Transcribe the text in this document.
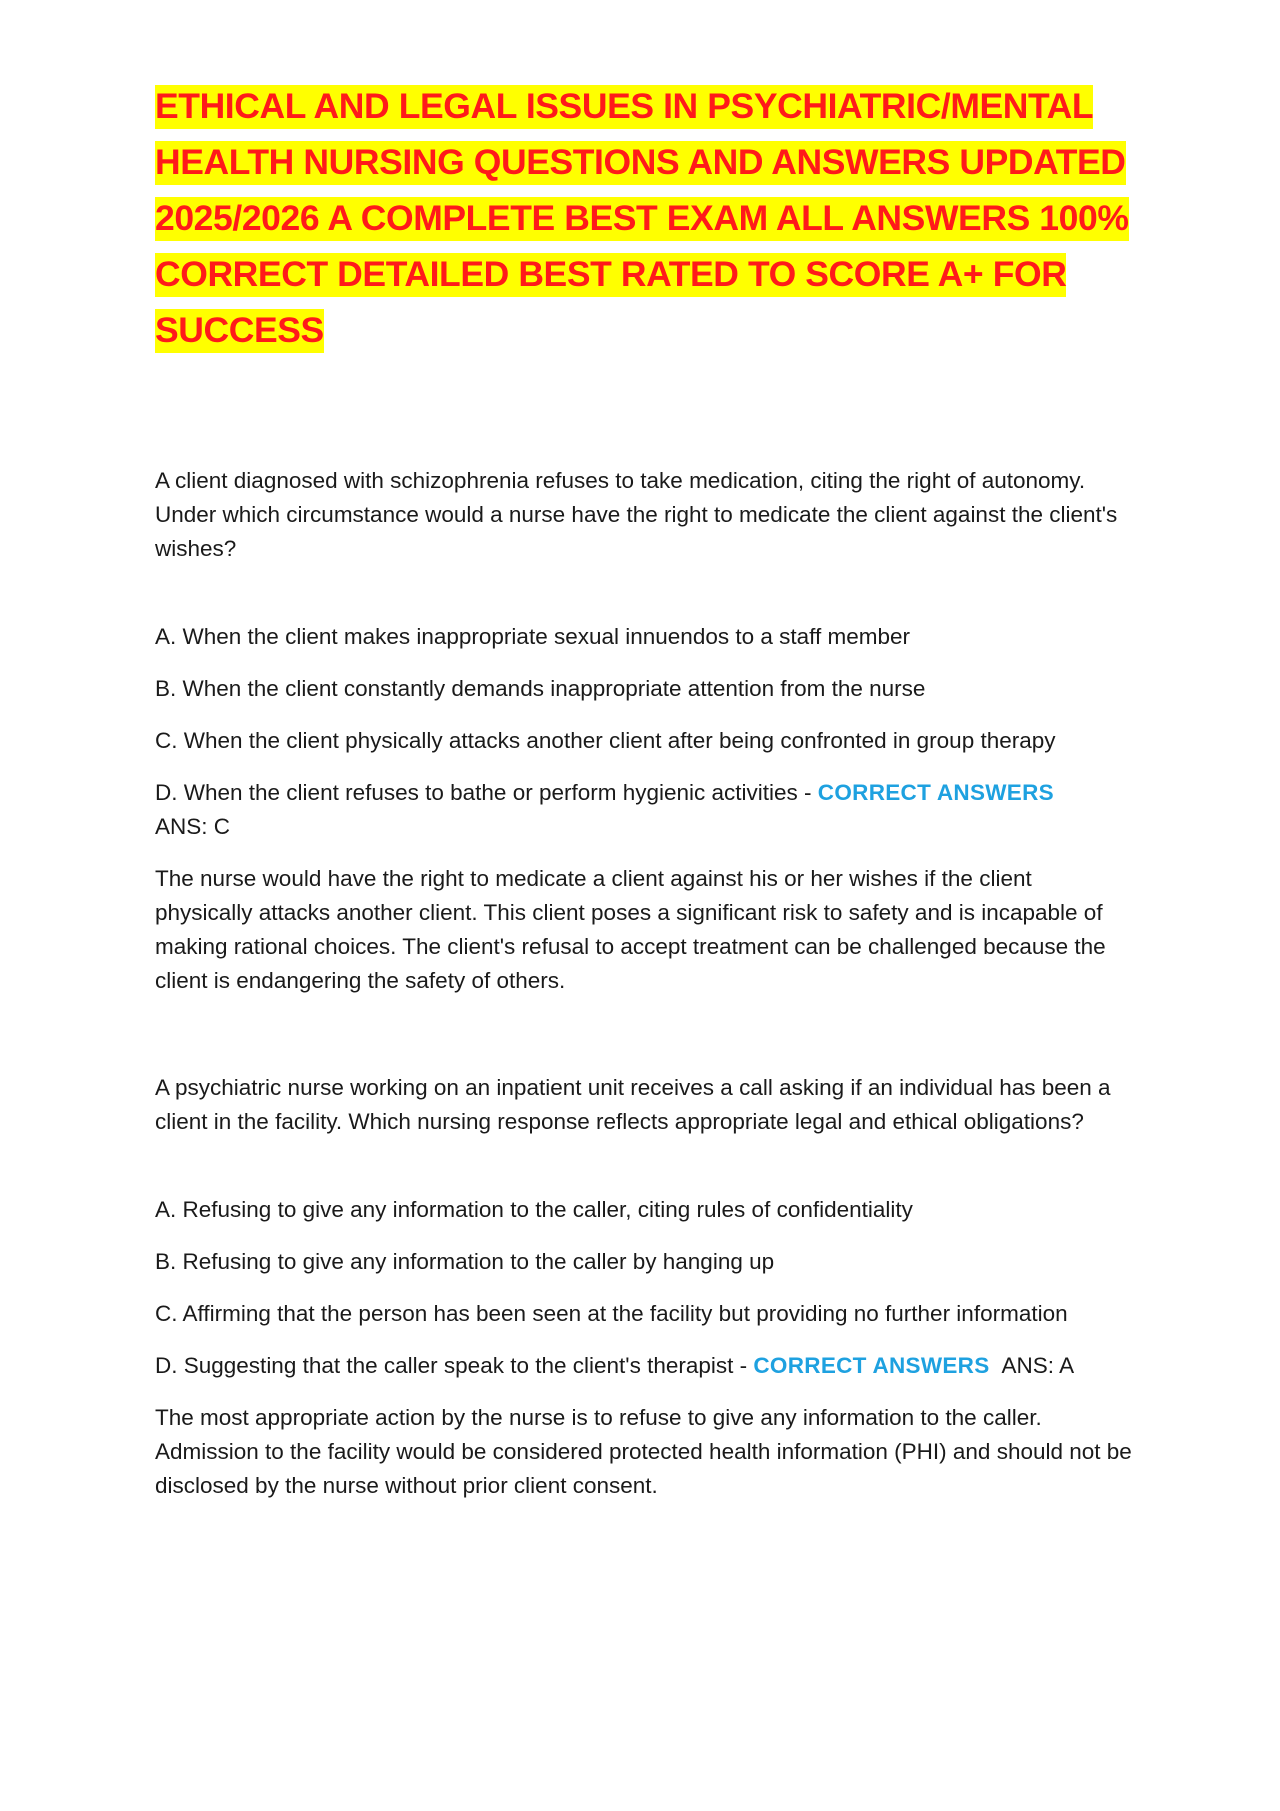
ETHICAL AND LEGAL ISSUES IN PSYCHIATRIC/MENTAL HEALTH NURSING QUESTIONS AND ANSWERS UPDATED 2025/2026 A COMPLETE BEST EXAM ALL ANSWERS 100% CORRECT DETAILED BEST RATED TO SCORE A+ FOR SUCCESS

A client diagnosed with schizophrenia refuses to take medication, citing the right of autonomy. Under which circumstance would a nurse have the right to medicate the client against the client's wishes?

A. When the client makes inappropriate sexual innuendos to a staff member

B. When the client constantly demands inappropriate attention from the nurse

C. When the client physically attacks another client after being confronted in group therapy

D. When the client refuses to bathe or perform hygienic activities - CORRECT ANSWERS
ANS: C

The nurse would have the right to medicate a client against his or her wishes if the client physically attacks another client. This client poses a significant risk to safety and is incapable of making rational choices. The client's refusal to accept treatment can be challenged because the client is endangering the safety of others.

A psychiatric nurse working on an inpatient unit receives a call asking if an individual has been a client in the facility. Which nursing response reflects appropriate legal and ethical obligations?

A. Refusing to give any information to the caller, citing rules of confidentiality

B. Refusing to give any information to the caller by hanging up

C. Affirming that the person has been seen at the facility but providing no further information

D. Suggesting that the caller speak to the client's therapist - CORRECT ANSWERS ANS: A

The most appropriate action by the nurse is to refuse to give any information to the caller. Admission to the facility would be considered protected health information (PHI) and should not be disclosed by the nurse without prior client consent.
